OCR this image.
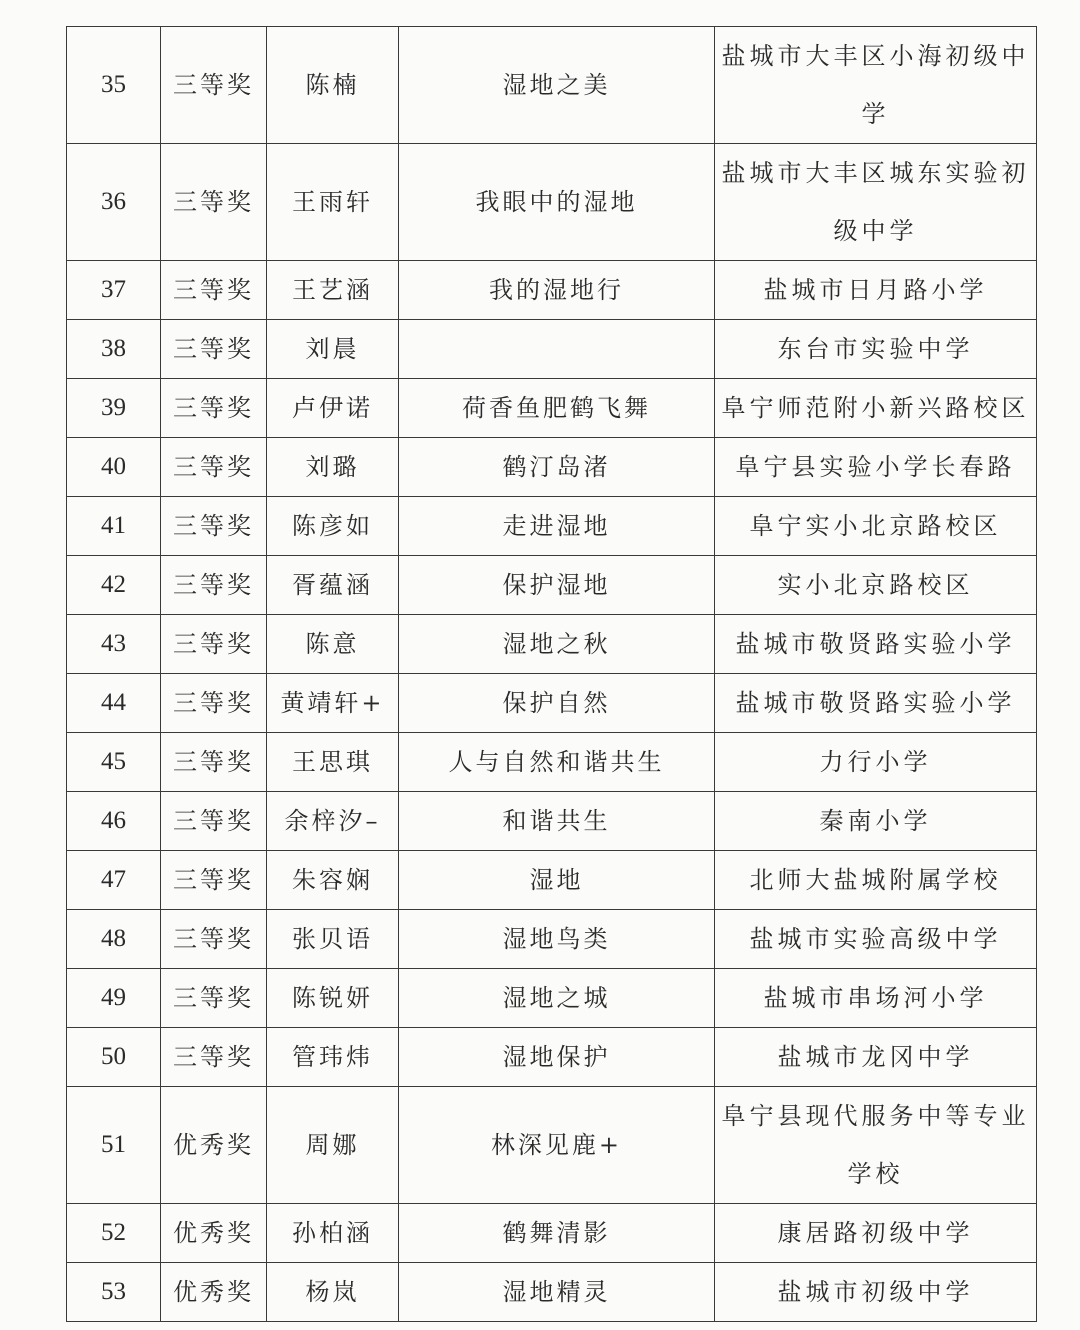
35	三等奖	陈楠	湿地之美	盐城市大丰区小海初级中学
36	三等奖	王雨轩	我眼中的湿地	盐城市大丰区城东实验初级中学
37	三等奖	王艺涵	我的湿地行	盐城市日月路小学
38	三等奖	刘晨		东台市实验中学
39	三等奖	卢伊诺	荷香鱼肥鹤飞舞	阜宁师范附小新兴路校区
40	三等奖	刘璐	鹤汀岛渚	阜宁县实验小学长春路
41	三等奖	陈彦如	走进湿地	阜宁实小北京路校区
42	三等奖	胥蕴涵	保护湿地	实小北京路校区
43	三等奖	陈意	湿地之秋	盐城市敬贤路实验小学
44	三等奖	黄靖轩+	保护自然	盐城市敬贤路实验小学
45	三等奖	王思琪	人与自然和谐共生	力行小学
46	三等奖	余梓汐–	和谐共生	秦南小学
47	三等奖	朱容娴	湿地	北师大盐城附属学校
48	三等奖	张贝语	湿地鸟类	盐城市实验高级中学
49	三等奖	陈锐妍	湿地之城	盐城市串场河小学
50	三等奖	管玮炜	湿地保护	盐城市龙冈中学
51	优秀奖	周娜	林深见鹿+	阜宁县现代服务中等专业学校
52	优秀奖	孙柏涵	鹤舞清影	康居路初级中学
53	优秀奖	杨岚	湿地精灵	盐城市初级中学
